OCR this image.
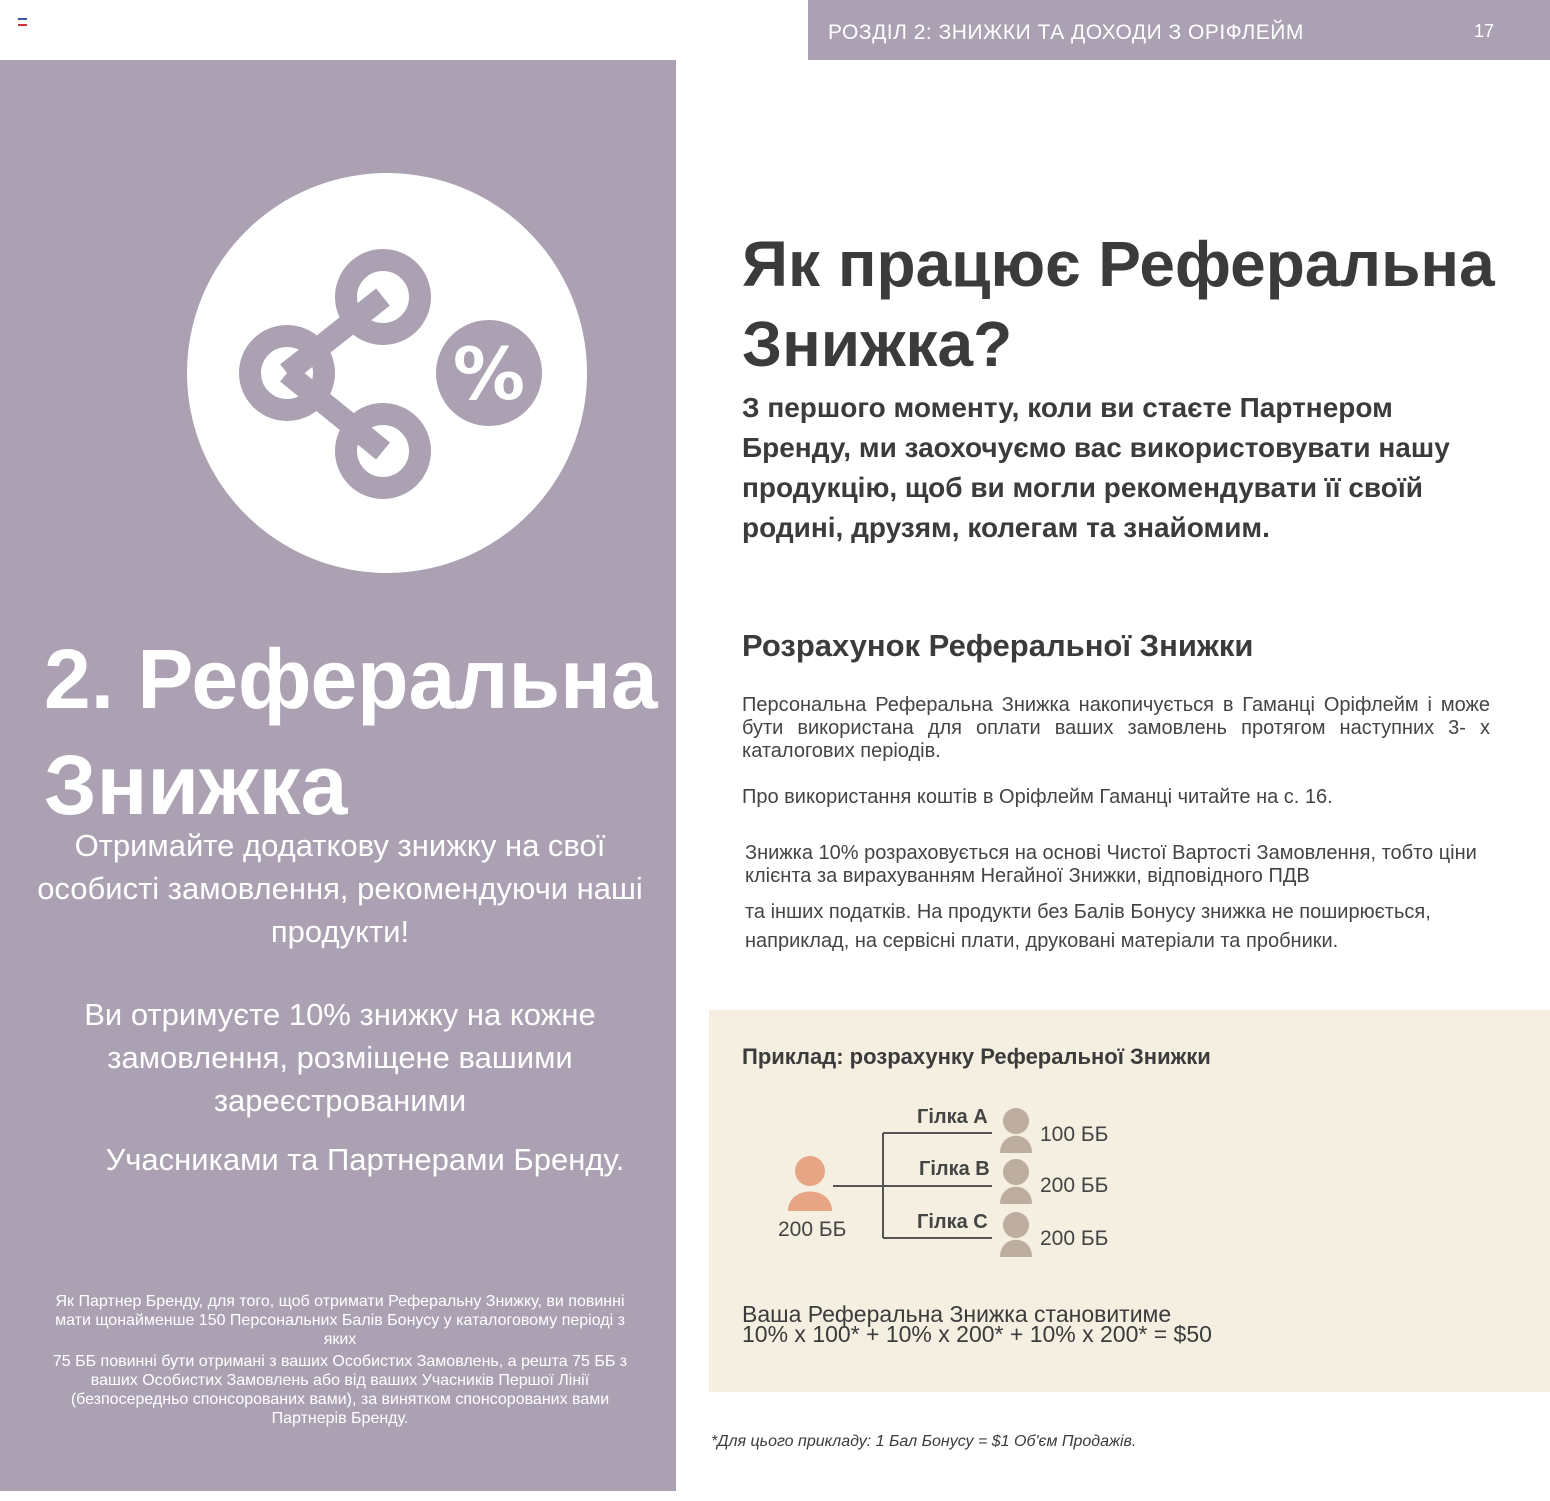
РОЗДІЛ 2: ЗНИЖКИ ТА ДОХОДИ З ОРІФЛЕЙМ	17
%
2. Реферальна
Знижка

Отримайте додаткову знижку на свої особисті замовлення, рекомендуючи наші продукти!

Ви отримуєте 10% знижку на кожне замовлення, розміщене вашими зареєстрованими

Учасниками та Партнерами Бренду.

Як Партнер Бренду, для того, щоб отримати Реферальну Знижку, ви повинні мати щонайменше 150 Персональних Балів Бонусу у каталоговому періоді з яких

75 ББ повинні бути отримані з ваших Особистих Замовлень, а решта 75 ББ з ваших Особистих Замовлень або від ваших Учасників Першої Лінії (безпосередньо спонсорованих вами), за винятком спонсорованих вами Партнерів Бренду.

Як працює Реферальна Знижка?

З першого моменту, коли ви стаєте Партнером Бренду, ми заохочуємо вас використовувати нашу продукцію, щоб ви могли рекомендувати її своїй родині, друзям, колегам та знайомим.

Розрахунок Реферальної Знижки

Персональна Реферальна Знижка накопичується в Гаманці Оріфлейм і може бути використана для оплати ваших замовлень протягом наступних 3- х каталогових періодів.

Про використання коштів в Оріфлейм Гаманці читайте на с. 16.

Знижка 10% розраховується на основі Чистої Вартості Замовлення, тобто ціни клієнта за вирахуванням Негайної Знижки, відповідного ПДВ

та інших податків. На продукти без Балів Бонусу знижка не поширюється, наприклад, на сервісні плати, друковані матеріали та пробники.

Приклад: розрахунку Реферальної Знижки

200 ББ
Гілка A
Гілка B
Гілка C
100 ББ
200 ББ
200 ББ

Ваша Реферальна Знижка становитиме
10% x 100* + 10% x 200* + 10% x 200* = $50

*Для цього прикладу: 1 Бал Бонусу = $1 Об'єм Продажів.
